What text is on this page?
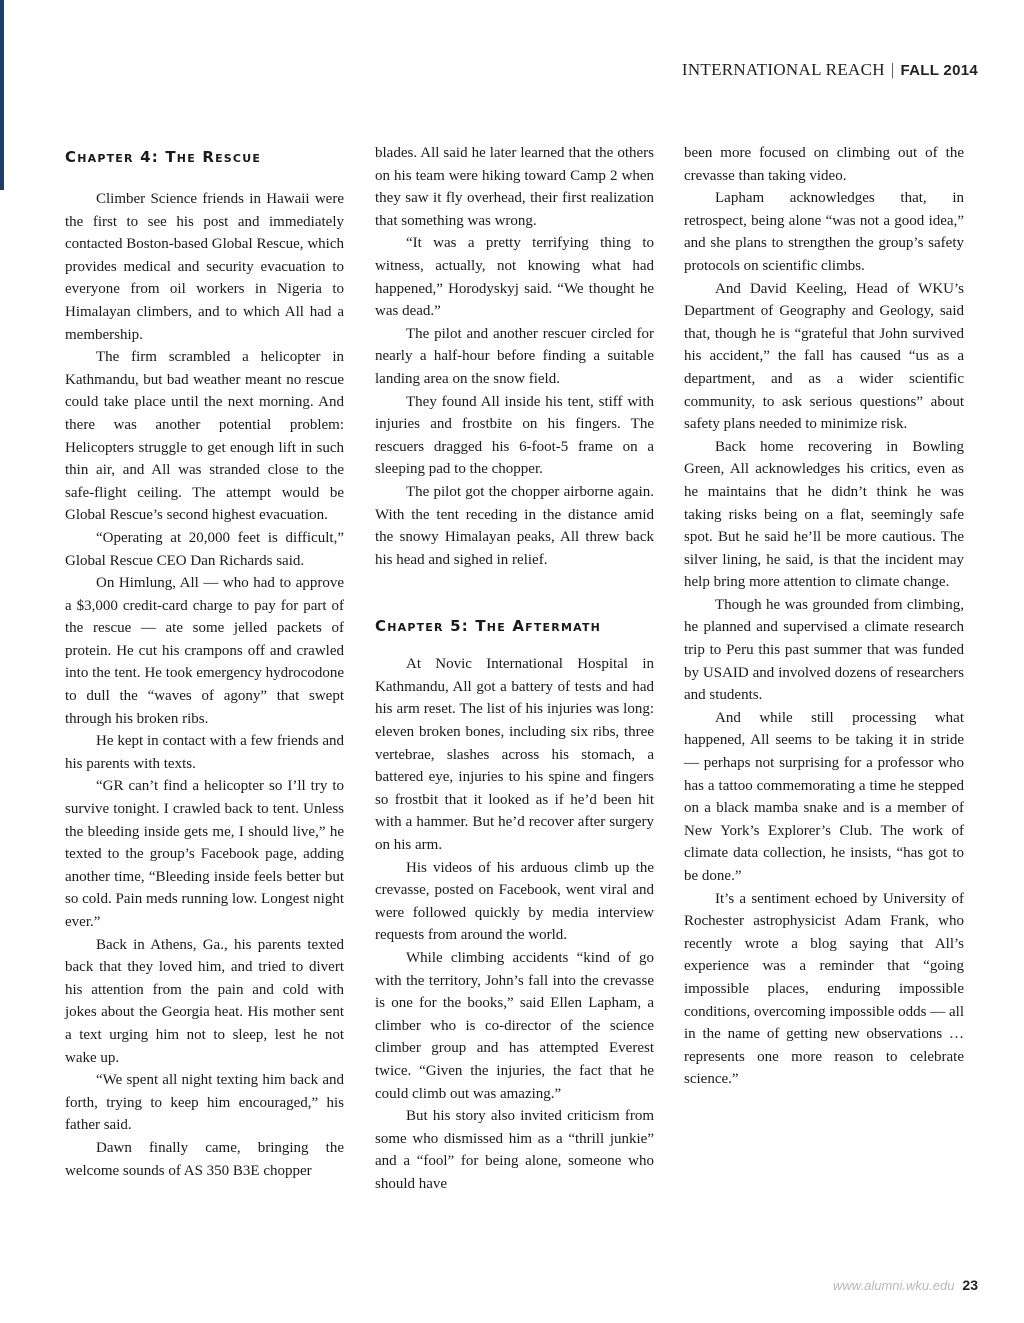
INTERNATIONAL REACH | FALL 2014
Chapter 4: The Rescue

Climber Science friends in Hawaii were the first to see his post and immediately contacted Boston-based Global Rescue, which provides medical and security evacuation to everyone from oil workers in Nigeria to Himalayan climbers, and to which All had a membership.

The firm scrambled a helicopter in Kathmandu, but bad weather meant no rescue could take place until the next morning. And there was another potential problem: Helicopters struggle to get enough lift in such thin air, and All was stranded close to the safe-flight ceiling. The attempt would be Global Rescue’s second highest evacuation.

“Operating at 20,000 feet is difficult,” Global Rescue CEO Dan Richards said.

On Himlung, All — who had to approve a $3,000 credit-card charge to pay for part of the rescue — ate some jelled packets of protein. He cut his crampons off and crawled into the tent. He took emergency hydrocodone to dull the “waves of agony” that swept through his broken ribs.

He kept in contact with a few friends and his parents with texts.

“GR can’t find a helicopter so I’ll try to survive tonight. I crawled back to tent. Unless the bleeding inside gets me, I should live,” he texted to the group’s Facebook page, adding another time, “Bleeding inside feels better but so cold. Pain meds running low. Longest night ever.”

Back in Athens, Ga., his parents texted back that they loved him, and tried to divert his attention from the pain and cold with jokes about the Georgia heat. His mother sent a text urging him not to sleep, lest he not wake up.

“We spent all night texting him back and forth, trying to keep him encouraged,” his father said.

Dawn finally came, bringing the welcome sounds of AS 350 B3E chopper

blades. All said he later learned that the others on his team were hiking toward Camp 2 when they saw it fly overhead, their first realization that something was wrong.

“It was a pretty terrifying thing to witness, actually, not knowing what had happened,” Horodyskyj said. “We thought he was dead.”

The pilot and another rescuer circled for nearly a half-hour before finding a suitable landing area on the snow field.

They found All inside his tent, stiff with injuries and frostbite on his fingers. The rescuers dragged his 6-foot-5 frame on a sleeping pad to the chopper.

The pilot got the chopper airborne again. With the tent receding in the distance amid the snowy Himalayan peaks, All threw back his head and sighed in relief.

Chapter 5: The Aftermath

At Novic International Hospital in Kathmandu, All got a battery of tests and had his arm reset. The list of his injuries was long: eleven broken bones, including six ribs, three vertebrae, slashes across his stomach, a battered eye, injuries to his spine and fingers so frostbit that it looked as if he’d been hit with a hammer. But he’d recover after surgery on his arm.

His videos of his arduous climb up the crevasse, posted on Facebook, went viral and were followed quickly by media interview requests from around the world.

While climbing accidents “kind of go with the territory, John’s fall into the crevasse is one for the books,” said Ellen Lapham, a climber who is co-director of the science climber group and has attempted Everest twice. “Given the injuries, the fact that he could climb out was amazing.”

But his story also invited criticism from some who dismissed him as a “thrill junkie” and a “fool” for being alone, someone who should have

been more focused on climbing out of the crevasse than taking video.

Lapham acknowledges that, in retrospect, being alone “was not a good idea,” and she plans to strengthen the group’s safety protocols on scientific climbs.

And David Keeling, Head of WKU’s Department of Geography and Geology, said that, though he is “grateful that John survived his accident,” the fall has caused “us as a department, and as a wider scientific community, to ask serious questions” about safety plans needed to minimize risk.

Back home recovering in Bowling Green, All acknowledges his critics, even as he maintains that he didn’t think he was taking risks being on a flat, seemingly safe spot. But he said he’ll be more cautious. The silver lining, he said, is that the incident may help bring more attention to climate change.

Though he was grounded from climbing, he planned and supervised a climate research trip to Peru this past summer that was funded by USAID and involved dozens of researchers and students.

And while still processing what happened, All seems to be taking it in stride — perhaps not surprising for a professor who has a tattoo commemorating a time he stepped on a black mamba snake and is a member of New York’s Explorer’s Club. The work of climate data collection, he insists, “has got to be done.”

It’s a sentiment echoed by University of Rochester astrophysicist Adam Frank, who recently wrote a blog saying that All’s experience was a reminder that “going impossible places, enduring impossible conditions, overcoming impossible odds — all in the name of getting new observations … represents one more reason to celebrate science.”

www.alumni.wku.edu 23
